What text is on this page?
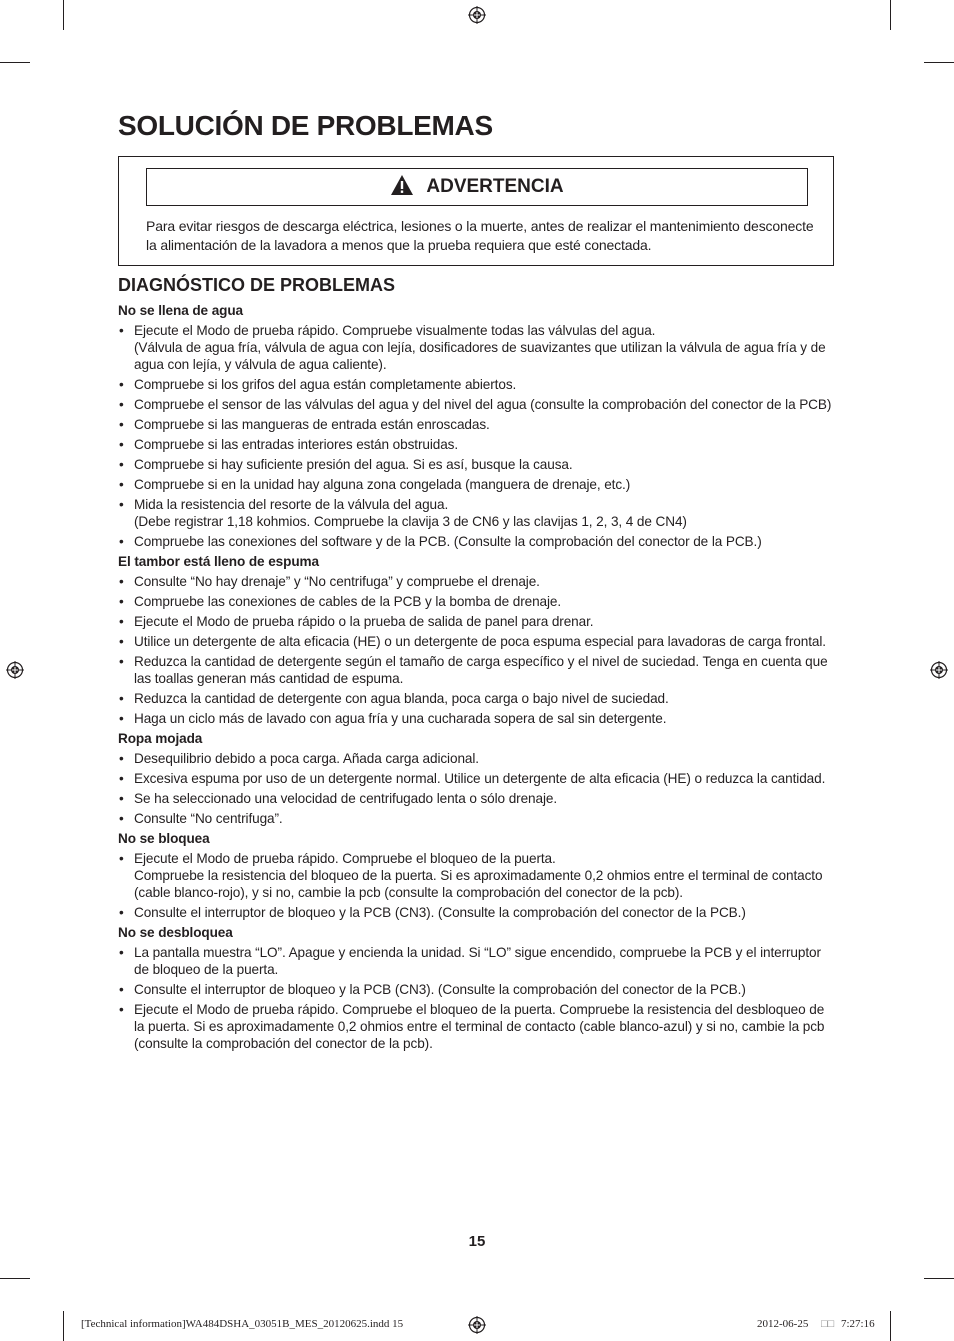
SOLUCIÓN DE PROBLEMAS
ADVERTENCIA
Para evitar riesgos de descarga eléctrica, lesiones o la muerte, antes de realizar el mantenimiento desconecte la alimentación de la lavadora a menos que la prueba requiera que esté conectada.
DIAGNÓSTICO DE PROBLEMAS
No se llena de agua
• Ejecute el Modo de prueba rápido. Compruebe visualmente todas las válvulas del agua.
(Válvula de agua fría, válvula de agua con lejía, dosificadores de suavizantes que utilizan la válvula de agua fría y de agua con lejía, y válvula de agua caliente).
• Compruebe si los grifos del agua están completamente abiertos.
• Compruebe el sensor de las válvulas del agua y del nivel del agua (consulte la comprobación del conector de la PCB)
• Compruebe si las mangueras de entrada están enroscadas.
• Compruebe si las entradas interiores están obstruidas.
• Compruebe si hay suficiente presión del agua. Si es así, busque la causa.
• Compruebe si en la unidad hay alguna zona congelada (manguera de drenaje, etc.)
• Mida la resistencia del resorte de la válvula del agua.
(Debe registrar 1,18 kohmios. Compruebe la clavija 3 de CN6 y las clavijas 1, 2, 3, 4 de CN4)
• Compruebe las conexiones del software y de la PCB. (Consulte la comprobación del conector de la PCB.)
El tambor está lleno de espuma
• Consulte “No hay drenaje” y “No centrifuga” y compruebe el drenaje.
• Compruebe las conexiones de cables de la PCB y la bomba de drenaje.
• Ejecute el Modo de prueba rápido o la prueba de salida de panel para drenar.
• Utilice un detergente de alta eficacia (HE) o un detergente de poca espuma especial para lavadoras de carga frontal.
• Reduzca la cantidad de detergente según el tamaño de carga específico y el nivel de suciedad. Tenga en cuenta que las toallas generan más cantidad de espuma.
• Reduzca la cantidad de detergente con agua blanda, poca carga o bajo nivel de suciedad.
• Haga un ciclo más de lavado con agua fría y una cucharada sopera de sal sin detergente.
Ropa mojada
• Desequilibrio debido a poca carga. Añada carga adicional.
• Excesiva espuma por uso de un detergente normal. Utilice un detergente de alta eficacia (HE) o reduzca la cantidad.
• Se ha seleccionado una velocidad de centrifugado lenta o sólo drenaje.
• Consulte “No centrifuga”.
No se bloquea
• Ejecute el Modo de prueba rápido. Compruebe el bloqueo de la puerta.
Compruebe la resistencia del bloqueo de la puerta. Si es aproximadamente 0,2 ohmios entre el terminal de contacto (cable blanco-rojo), y si no, cambie la pcb (consulte la comprobación del conector de la pcb).
• Consulte el interruptor de bloqueo y la PCB (CN3). (Consulte la comprobación del conector de la PCB.)
No se desbloquea
• La pantalla muestra “LO”. Apague y encienda la unidad. Si “LO” sigue encendido, compruebe la PCB y el interruptor de bloqueo de la puerta.
• Consulte el interruptor de bloqueo y la PCB (CN3). (Consulte la comprobación del conector de la PCB.)
• Ejecute el Modo de prueba rápido. Compruebe el bloqueo de la puerta. Compruebe la resistencia del desbloqueo de la puerta. Si es aproximadamente 0,2 ohmios entre el terminal de contacto (cable blanco-azul) y si no, cambie la pcb (consulte la comprobación del conector de la pcb).
15
[Technical information]WA484DSHA_03051B_MES_20120625.indd 15	2012-06-25 □□ 7:27:16
